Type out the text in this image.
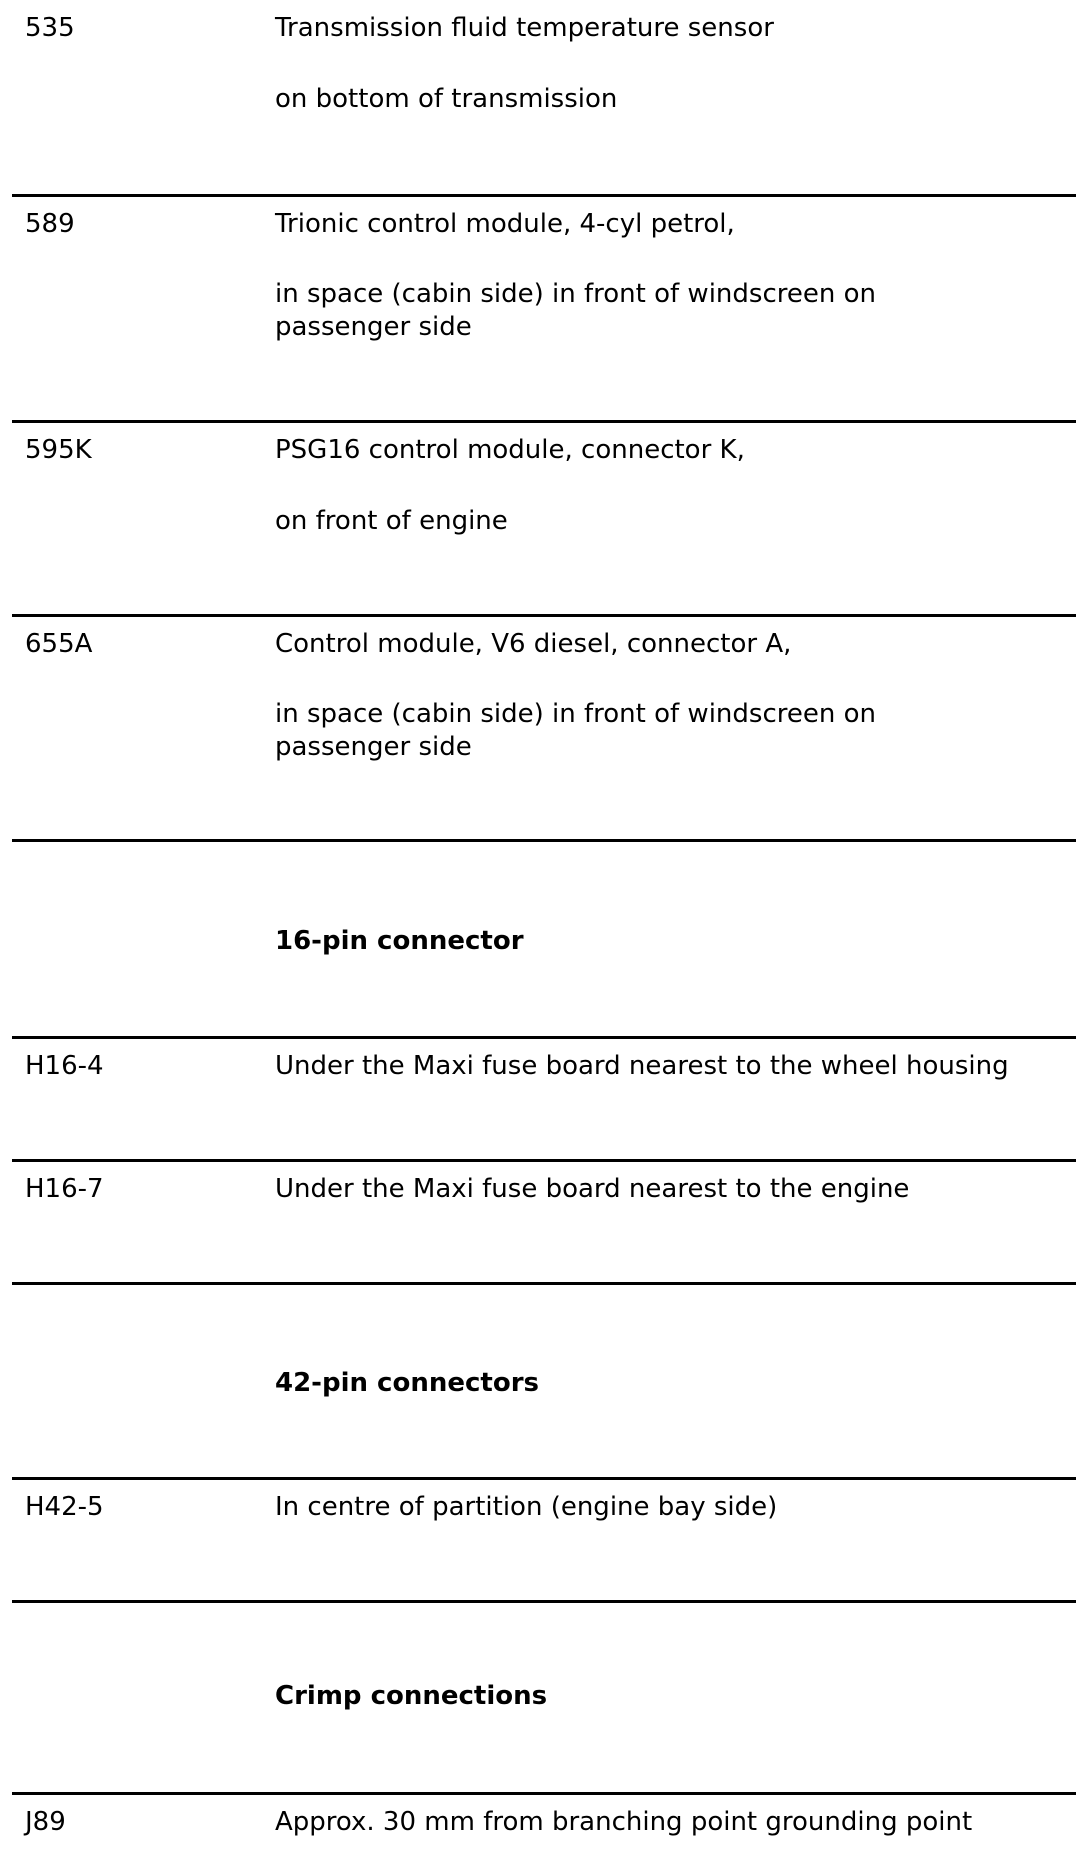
535	Transmission fluid temperature sensor
on bottom of transmission
589	Trionic control module, 4-cyl petrol,
in space (cabin side) in front of windscreen on
passenger side
595K	PSG16 control module, connector K,
on front of engine
655A	Control module, V6 diesel, connector A,
in space (cabin side) in front of windscreen on
passenger side
16-pin connector
H16-4	Under the Maxi fuse board nearest to the wheel housing
H16-7	Under the Maxi fuse board nearest to the engine
42-pin connectors
H42-5	In centre of partition (engine bay side)
Crimp connections
J89	Approx. 30 mm from branching point grounding point
